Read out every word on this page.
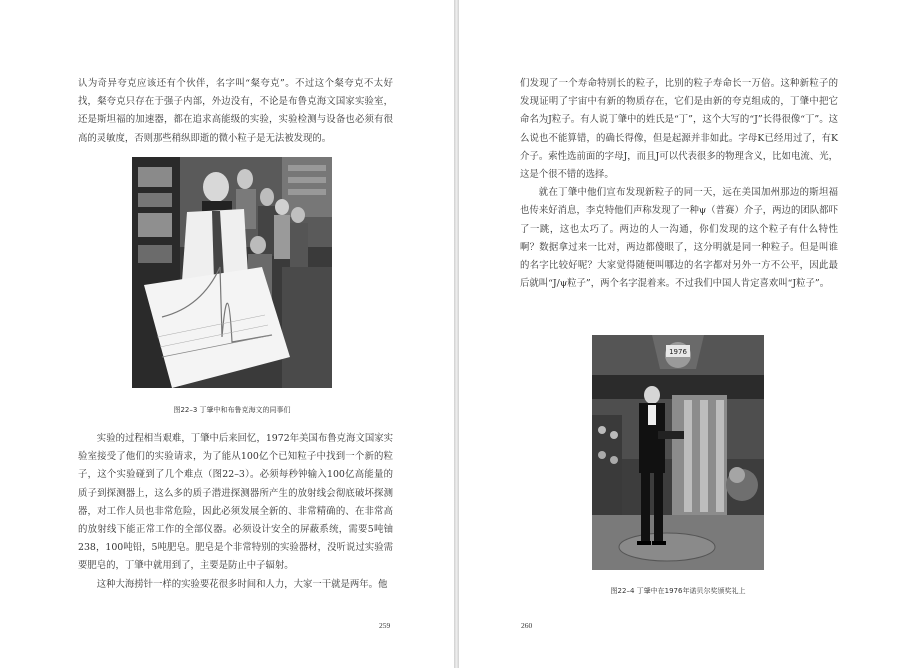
认为奇异夸克应该还有个伙伴，名字叫“粲夸克”。不过这个粲夸克不太好找，粲夸克只存在于强子内部，外边没有，不论是布鲁克海文国家实验室，还是斯坦福的加速器，都在追求高能级的实验，实验检测与设备也必须有很高的灵敏度，否则那些稍纵即逝的微小粒子是无法被发现的。

图22–3 丁肇中和布鲁克海文的同事们

实验的过程相当艰难，丁肇中后来回忆，1972年美国布鲁克海文国家实验室接受了他们的实验请求，为了能从100亿个已知粒子中找到一个新的粒子，这个实验碰到了几个难点（图22–3）。必须每秒钟输入100亿高能量的质子到探测器上，这么多的质子潜进探测器所产生的放射线会彻底破坏探测器，对工作人员也非常危险，因此必须发展全新的、非常精确的、在非常高的放射线下能正常工作的全部仪器。必须设计安全的屏蔽系统，需要5吨铀238，100吨铅，5吨肥皂。肥皂是个非常特别的实验器材，没听说过实验需要肥皂的，丁肇中就用到了，主要是防止中子辐射。

这种大海捞针一样的实验要花很多时间和人力，大家一干就是两年。他

259

们发现了一个寿命特别长的粒子，比别的粒子寿命长一万倍。这种新粒子的发现证明了宇宙中有新的物质存在，它们是由新的夸克组成的，丁肇中把它命名为J粒子。有人说丁肇中的姓氏是“丁”，这个大写的“J”长得很像“丁”。这么说也不能算错，的确长得像，但是起源并非如此。字母K已经用过了，有K介子。索性选前面的字母J，而且J可以代表很多的物理含义，比如电流、光，这是个很不错的选择。

就在丁肇中他们宣布发现新粒子的同一天，远在美国加州那边的斯坦福也传来好消息，李克特他们声称发现了一种ψ（普赛）介子，两边的团队都吓了一跳，这也太巧了。两边的人一沟通，你们发现的这个粒子有什么特性啊？数据拿过来一比对，两边都傻眼了，这分明就是同一种粒子。但是叫谁的名字比较好呢？大家觉得随便叫哪边的名字都对另外一方不公平，因此最后就叫“J/ψ粒子”，两个名字混着来。不过我们中国人肯定喜欢叫“J粒子”。

1976
图22–4 丁肇中在1976年诺贝尔奖颁奖礼上
260
